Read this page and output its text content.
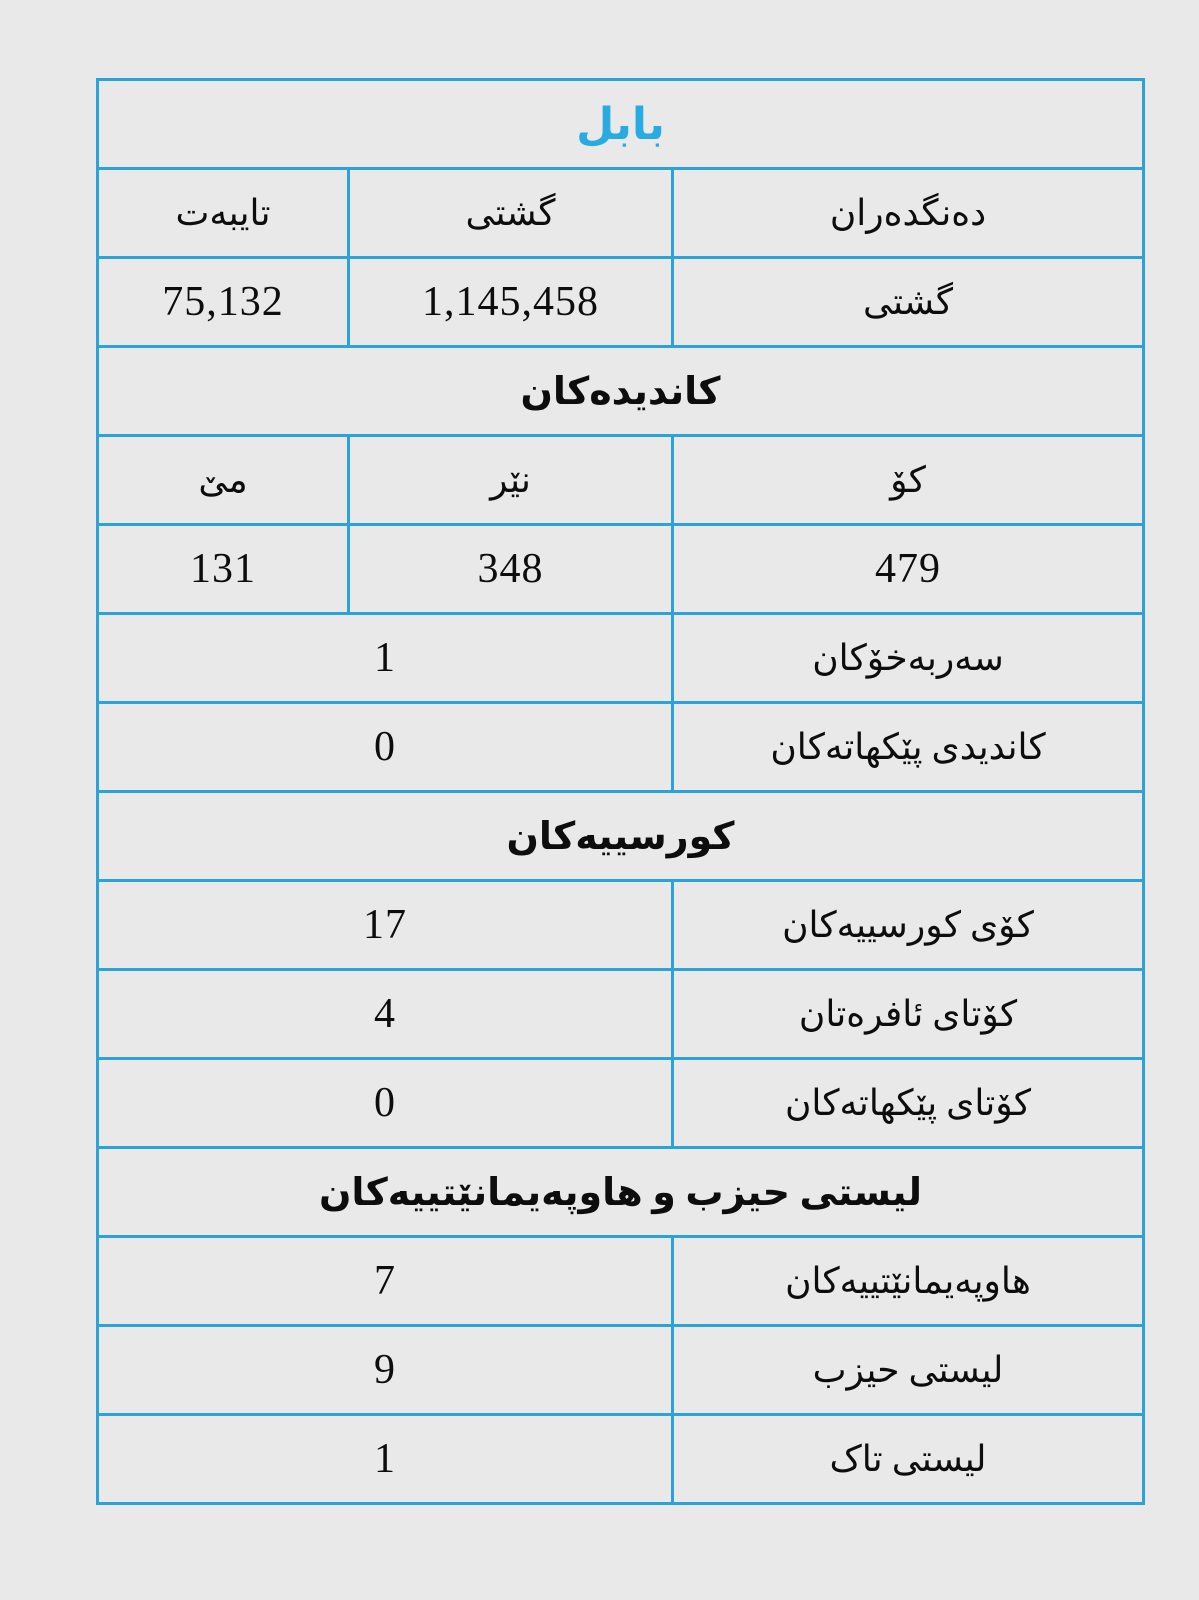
بابل		
دەنگدەران	گشتی	تایبەت
گشتی	1,145,458	75,132
کاندیدەکان		
کۆ	نێر	مێ
479	348	131
سەربەخۆکان	1	
کاندیدی پێکهاتەکان	0	
کورسییەکان		
کۆی کورسییەکان	17	
کۆتای ئافرەتان	4	
کۆتای پێکهاتەکان	0	
لیستی حیزب و هاوپەیمانێتییەکان		
هاوپەیمانێتییەکان	7	
لیستی حیزب	9	
لیستی تاک	1	
